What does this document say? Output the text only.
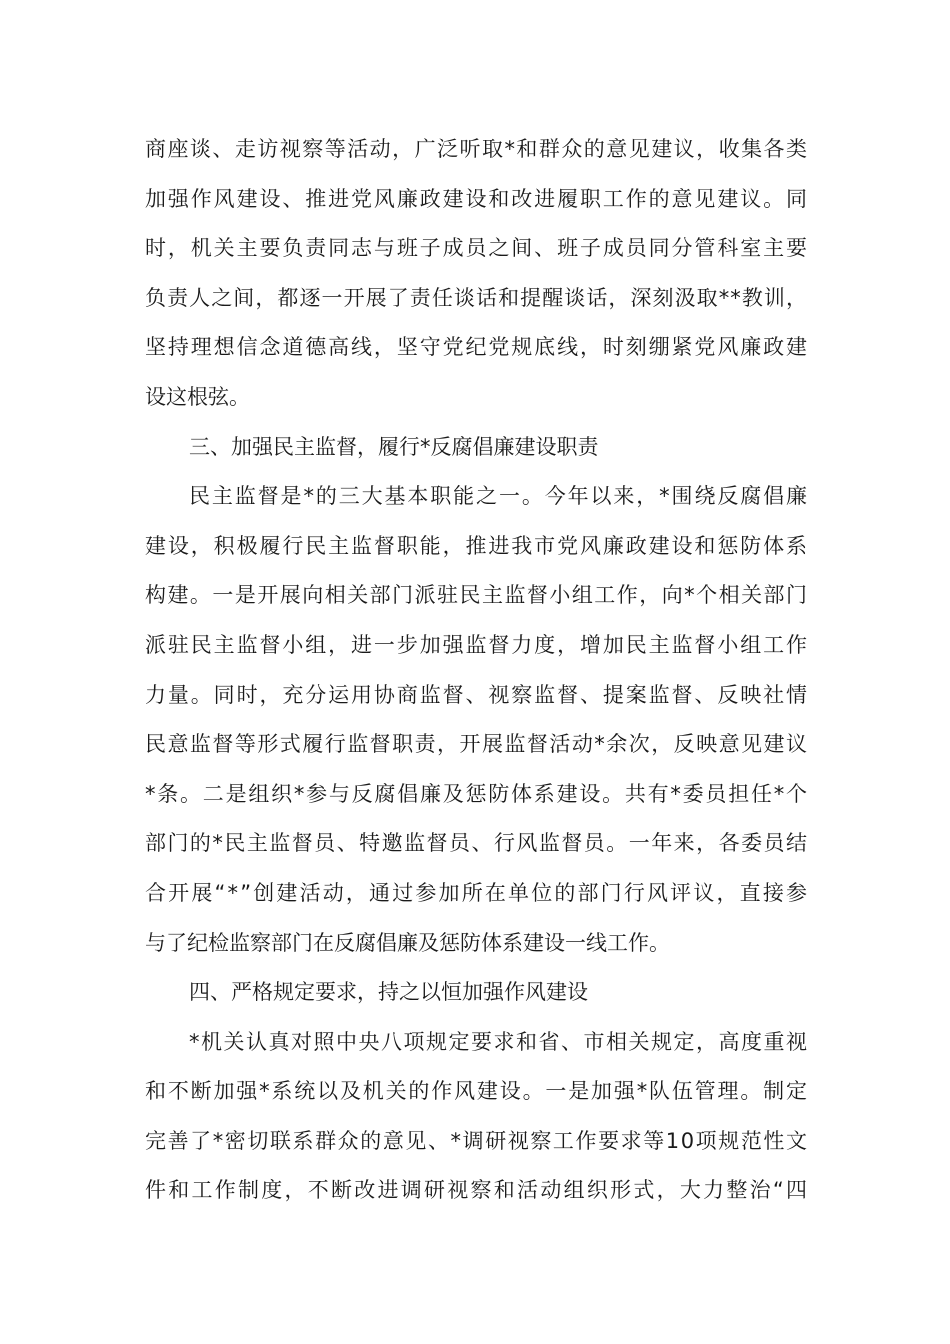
商座谈、走访视察等活动，广泛听取*和群众的意见建议，收集各类
加强作风建设、推进党风廉政建设和改进履职工作的意见建议。同
时，机关主要负责同志与班子成员之间、班子成员同分管科室主要
负责人之间，都逐一开展了责任谈话和提醒谈话，深刻汲取**教训，
坚持理想信念道德高线，坚守党纪党规底线，时刻绷紧党风廉政建
设这根弦。
三、加强民主监督，履行*反腐倡廉建设职责
民主监督是*的三大基本职能之一。今年以来，*围绕反腐倡廉
建设，积极履行民主监督职能，推进我市党风廉政建设和惩防体系
构建。一是开展向相关部门派驻民主监督小组工作，向*个相关部门
派驻民主监督小组，进一步加强监督力度，增加民主监督小组工作
力量。同时，充分运用协商监督、视察监督、提案监督、反映社情
民意监督等形式履行监督职责，开展监督活动*余次，反映意见建议
*条。二是组织*参与反腐倡廉及惩防体系建设。共有*委员担任*个
部门的*民主监督员、特邀监督员、行风监督员。一年来，各委员结
合开展“*”创建活动，通过参加所在单位的部门行风评议，直接参
与了纪检监察部门在反腐倡廉及惩防体系建设一线工作。
四、严格规定要求，持之以恒加强作风建设
*机关认真对照中央八项规定要求和省、市相关规定，高度重视
和不断加强*系统以及机关的作风建设。一是加强*队伍管理。制定
完善了*密切联系群众的意见、*调研视察工作要求等10项规范性文
件和工作制度，不断改进调研视察和活动组织形式，大力整治“四
